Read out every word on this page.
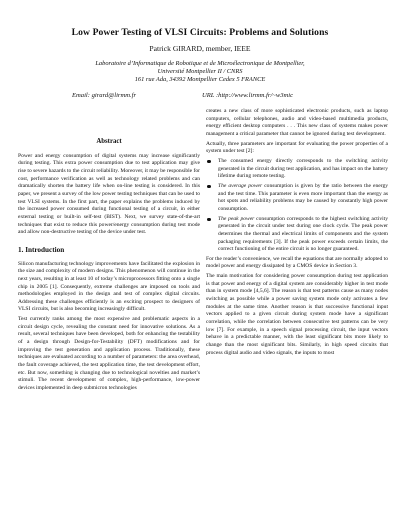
Low Power Testing of VLSI Circuits: Problems and Solutions
Patrick GIRARD, member, IEEE
Laboratoire d’Informatique de Robotique et de Microélectronique de Montpellier,
Université Montpellier II / CNRS
161 rue Ada, 34392 Montpellier Cedex 5 FRANCE
Email: girard@lirmm.fr	URL :http://www.lirmm.fr/~w3mic
Abstract

Power and energy consumption of digital systems may increase significantly during testing. This extra power consumption due to test application may give rise to severe hazards to the circuit reliability. Moreover, it may be responsible for cost, performance verification as well as technology related problems and can dramatically shorten the battery life when on-line testing is considered. In this paper, we present a survey of the low power testing techniques that can be used to test VLSI systems. In the first part, the paper explains the problems induced by the increased power consumed during functional testing of a circuit, in either external testing or built-in self-test (BIST). Next, we survey state-of-the-art techniques that exist to reduce this power/energy consumption during test mode and allow non-destructive testing of the device under test.

1. Introduction

Silicon manufacturing technology improvements have facilitated the explosion in the size and complexity of modern designs. This phenomenon will continue in the next years, resulting in at least 10 of today’s microprocessors fitting onto a single chip in 2005 [1]. Consequently, extreme challenges are imposed on tools and methodologies employed in the design and test of complex digital circuits. Addressing these challenges efficiently is an exciting prospect to designers of VLSI circuits, but is also becoming increasingly difficult.

Test currently ranks among the most expensive and problematic aspects in a circuit design cycle, revealing the constant need for innovative solutions. As a result, several techniques have been developed, both for enhancing the testability of a design through Design-for-Testability (DFT) modifications and for improving the test generation and application process. Traditionally, these techniques are evaluated according to a number of parameters: the area overhead, the fault coverage achieved, the test application time, the test development effort, etc. But now, something is changing due to technological novelties and market’s stimuli. The recent development of complex, high-performance, low-power devices implemented in deep submicron technologies

creates a new class of more sophisticated electronic products, such as laptop computers, cellular telephones, audio and video-based multimedia products, energy efficient desktop computers . . . This new class of systems makes power management a critical parameter that cannot be ignored during test development.

Actually, three parameters are important for evaluating the power properties of a system under test [2]:

The consumed energy directly corresponds to the switching activity generated in the circuit during test application, and has impact on the battery lifetime during remote testing.
The average power consumption is given by the ratio between the energy and the test time. This parameter is even more important than the energy as hot spots and reliability problems may be caused by constantly high power consumption.
The peak power consumption corresponds to the highest switching activity generated in the circuit under test during one clock cycle. The peak power determines the thermal and electrical limits of components and the system packaging requirements [3]. If the peak power exceeds certain limits, the correct functioning of the entire circuit is no longer guaranteed.

For the reader’s convenience, we recall the equations that are normally adopted to model power and energy dissipated by a CMOS device in Section 3.

The main motivation for considering power consumption during test application is that power and energy of a digital system are considerably higher in test mode than in system mode [4,5,6]. The reason is that test patterns cause as many nodes switching as possible while a power saving system mode only activates a few modules at the same time. Another reason is that successive functional input vectors applied to a given circuit during system mode have a significant correlation, while the correlation between consecutive test patterns can be very low [7]. For example, in a speech signal processing circuit, the input vectors behave in a predictable manner, with the least significant bits more likely to change than the most significant bits. Similarly, in high speed circuits that process digital audio and video signals, the inputs to most
